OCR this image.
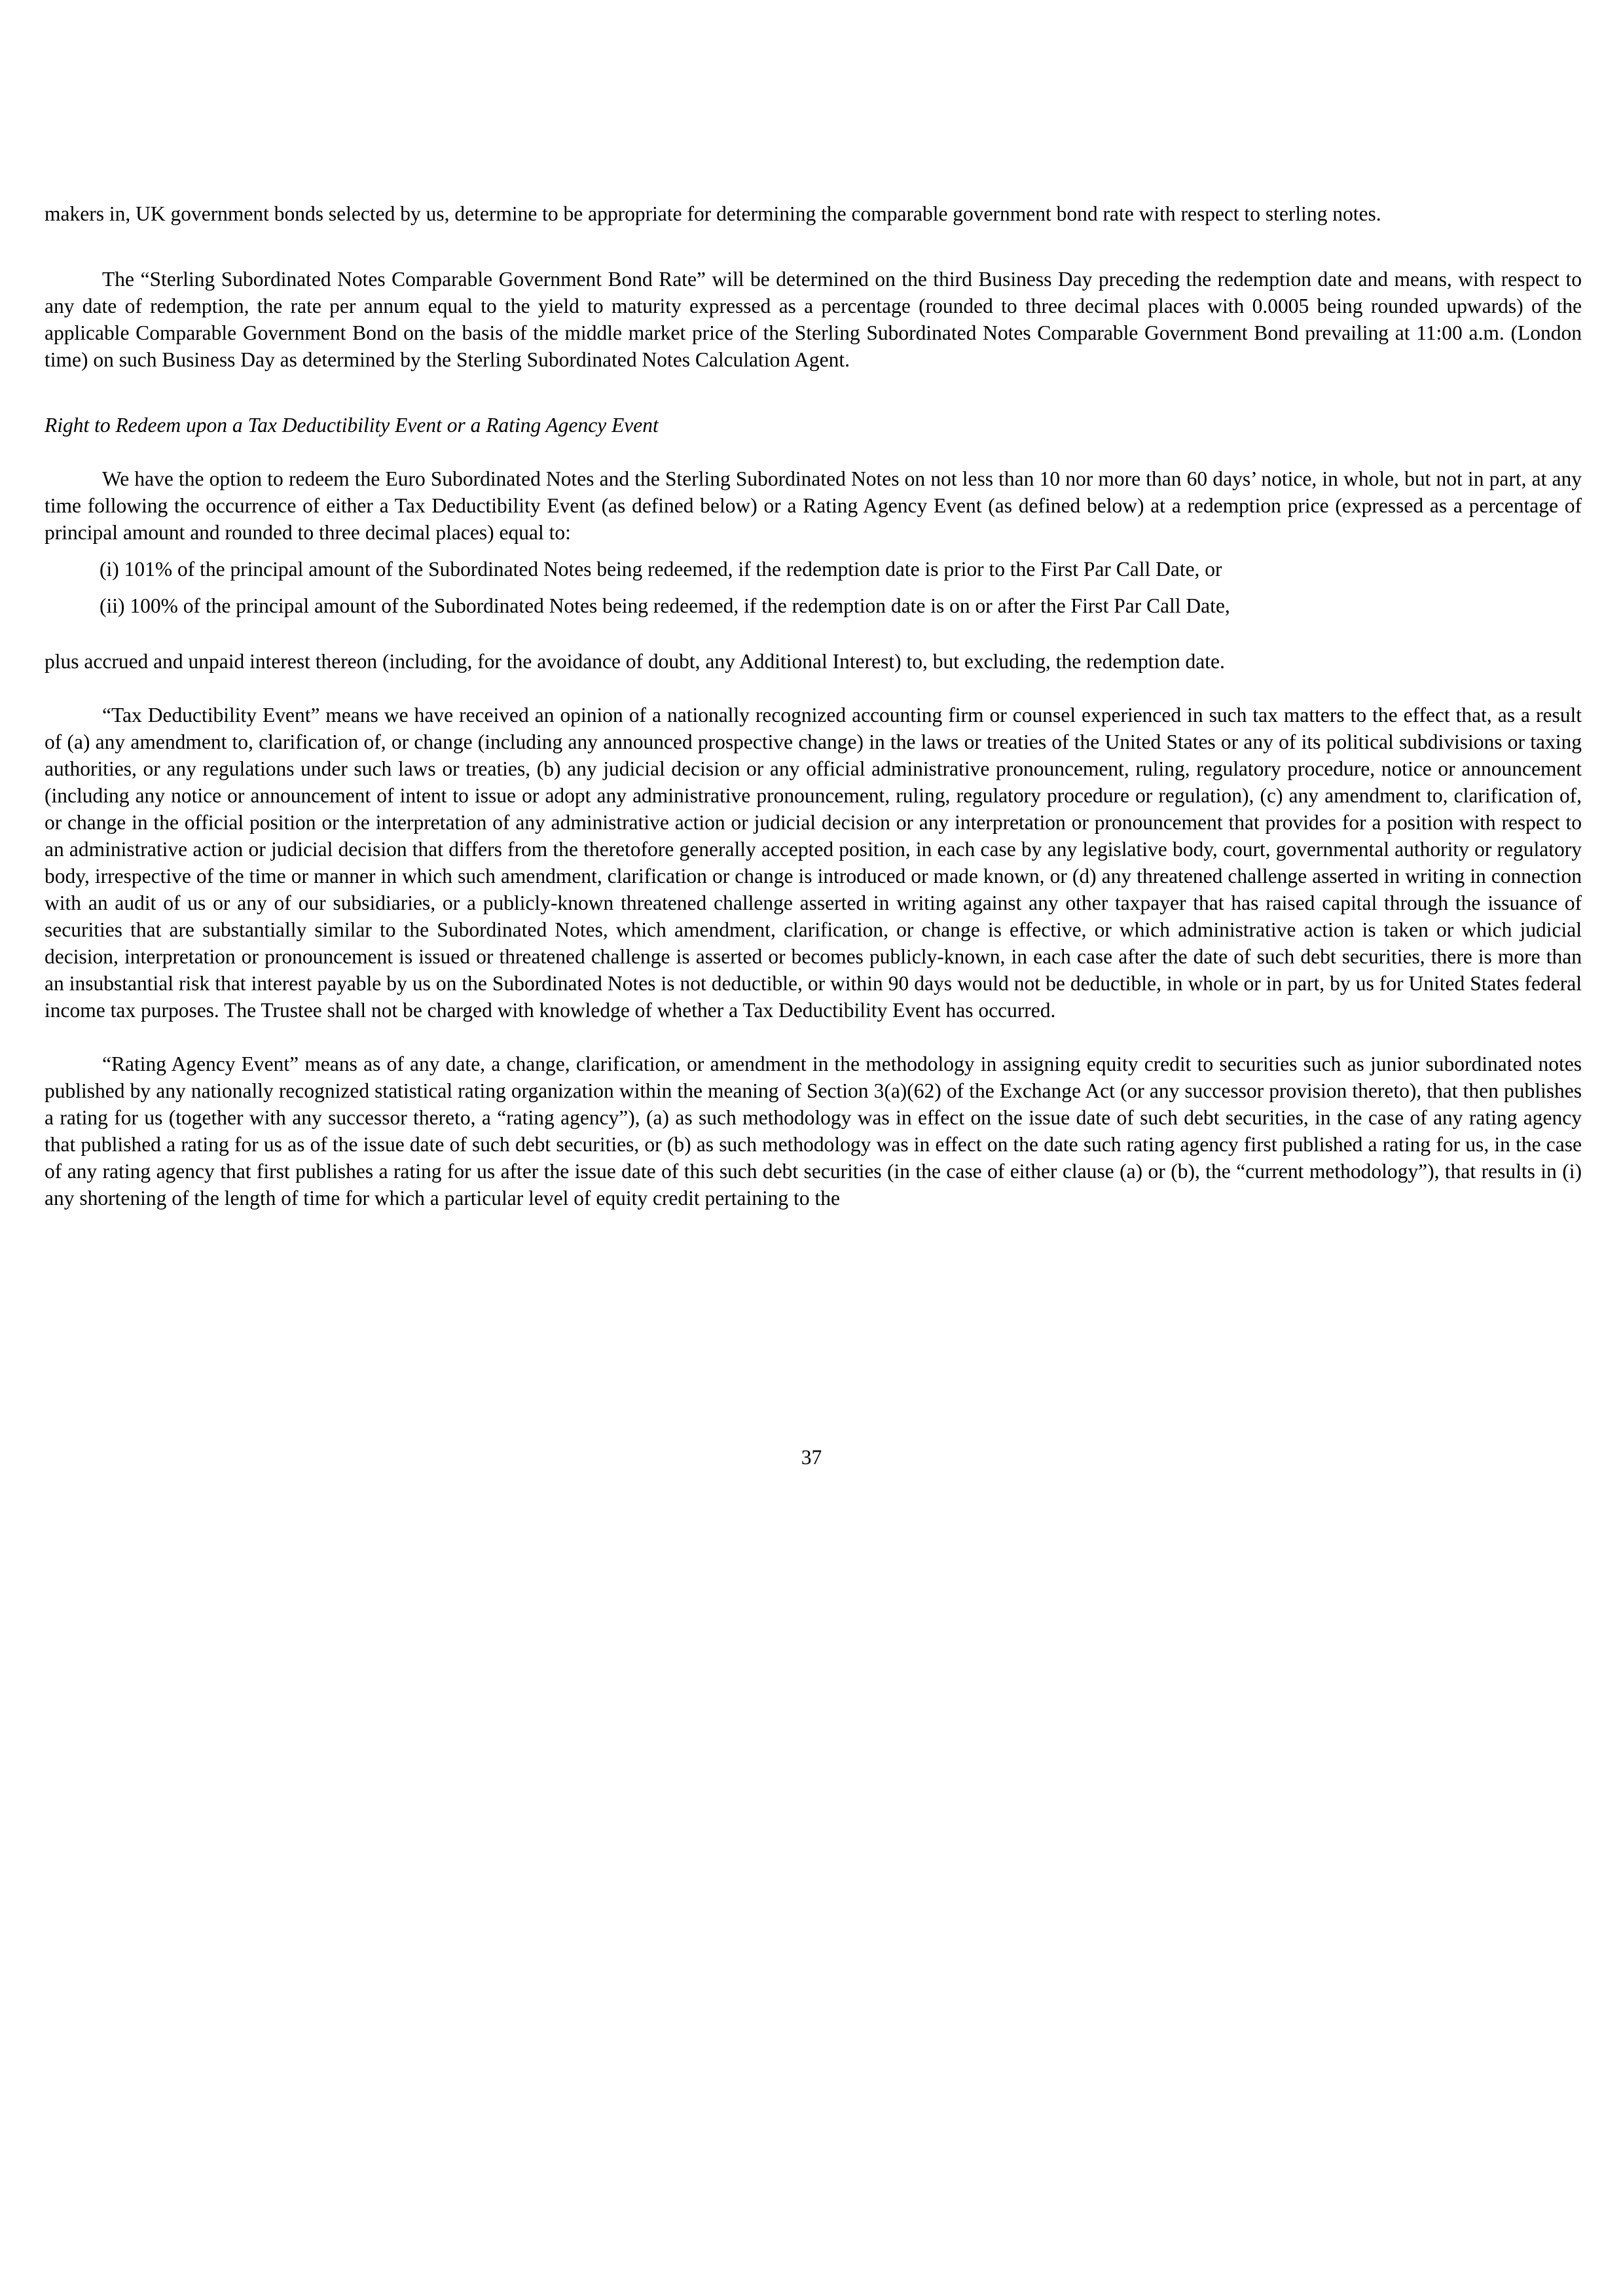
makers in, UK government bonds selected by us, determine to be appropriate for determining the comparable government bond rate with respect to sterling notes.

The “Sterling Subordinated Notes Comparable Government Bond Rate” will be determined on the third Business Day preceding the redemption date and means, with respect to any date of redemption, the rate per annum equal to the yield to maturity expressed as a percentage (rounded to three decimal places with 0.0005 being rounded upwards) of the applicable Comparable Government Bond on the basis of the middle market price of the Sterling Subordinated Notes Comparable Government Bond prevailing at 11:00 a.m. (London time) on such Business Day as determined by the Sterling Subordinated Notes Calculation Agent.

Right to Redeem upon a Tax Deductibility Event or a Rating Agency Event

We have the option to redeem the Euro Subordinated Notes and the Sterling Subordinated Notes on not less than 10 nor more than 60 days’ notice, in whole, but not in part, at any time following the occurrence of either a Tax Deductibility Event (as defined below) or a Rating Agency Event (as defined below) at a redemption price (expressed as a percentage of principal amount and rounded to three decimal places) equal to:

(i) 101% of the principal amount of the Subordinated Notes being redeemed, if the redemption date is prior to the First Par Call Date, or

(ii) 100% of the principal amount of the Subordinated Notes being redeemed, if the redemption date is on or after the First Par Call Date,

plus accrued and unpaid interest thereon (including, for the avoidance of doubt, any Additional Interest) to, but excluding, the redemption date.

“Tax Deductibility Event” means we have received an opinion of a nationally recognized accounting firm or counsel experienced in such tax matters to the effect that, as a result of (a) any amendment to, clarification of, or change (including any announced prospective change) in the laws or treaties of the United States or any of its political subdivisions or taxing authorities, or any regulations under such laws or treaties, (b) any judicial decision or any official administrative pronouncement, ruling, regulatory procedure, notice or announcement (including any notice or announcement of intent to issue or adopt any administrative pronouncement, ruling, regulatory procedure or regulation), (c) any amendment to, clarification of, or change in the official position or the interpretation of any administrative action or judicial decision or any interpretation or pronouncement that provides for a position with respect to an administrative action or judicial decision that differs from the theretofore generally accepted position, in each case by any legislative body, court, governmental authority or regulatory body, irrespective of the time or manner in which such amendment, clarification or change is introduced or made known, or (d) any threatened challenge asserted in writing in connection with an audit of us or any of our subsidiaries, or a publicly-known threatened challenge asserted in writing against any other taxpayer that has raised capital through the issuance of securities that are substantially similar to the Subordinated Notes, which amendment, clarification, or change is effective, or which administrative action is taken or which judicial decision, interpretation or pronouncement is issued or threatened challenge is asserted or becomes publicly-known, in each case after the date of such debt securities, there is more than an insubstantial risk that interest payable by us on the Subordinated Notes is not deductible, or within 90 days would not be deductible, in whole or in part, by us for United States federal income tax purposes. The Trustee shall not be charged with knowledge of whether a Tax Deductibility Event has occurred.

“Rating Agency Event” means as of any date, a change, clarification, or amendment in the methodology in assigning equity credit to securities such as junior subordinated notes published by any nationally recognized statistical rating organization within the meaning of Section 3(a)(62) of the Exchange Act (or any successor provision thereto), that then publishes a rating for us (together with any successor thereto, a “rating agency”), (a) as such methodology was in effect on the issue date of such debt securities, in the case of any rating agency that published a rating for us as of the issue date of such debt securities, or (b) as such methodology was in effect on the date such rating agency first published a rating for us, in the case of any rating agency that first publishes a rating for us after the issue date of this such debt securities (in the case of either clause (a) or (b), the “current methodology”), that results in (i) any shortening of the length of time for which a particular level of equity credit pertaining to the

37
